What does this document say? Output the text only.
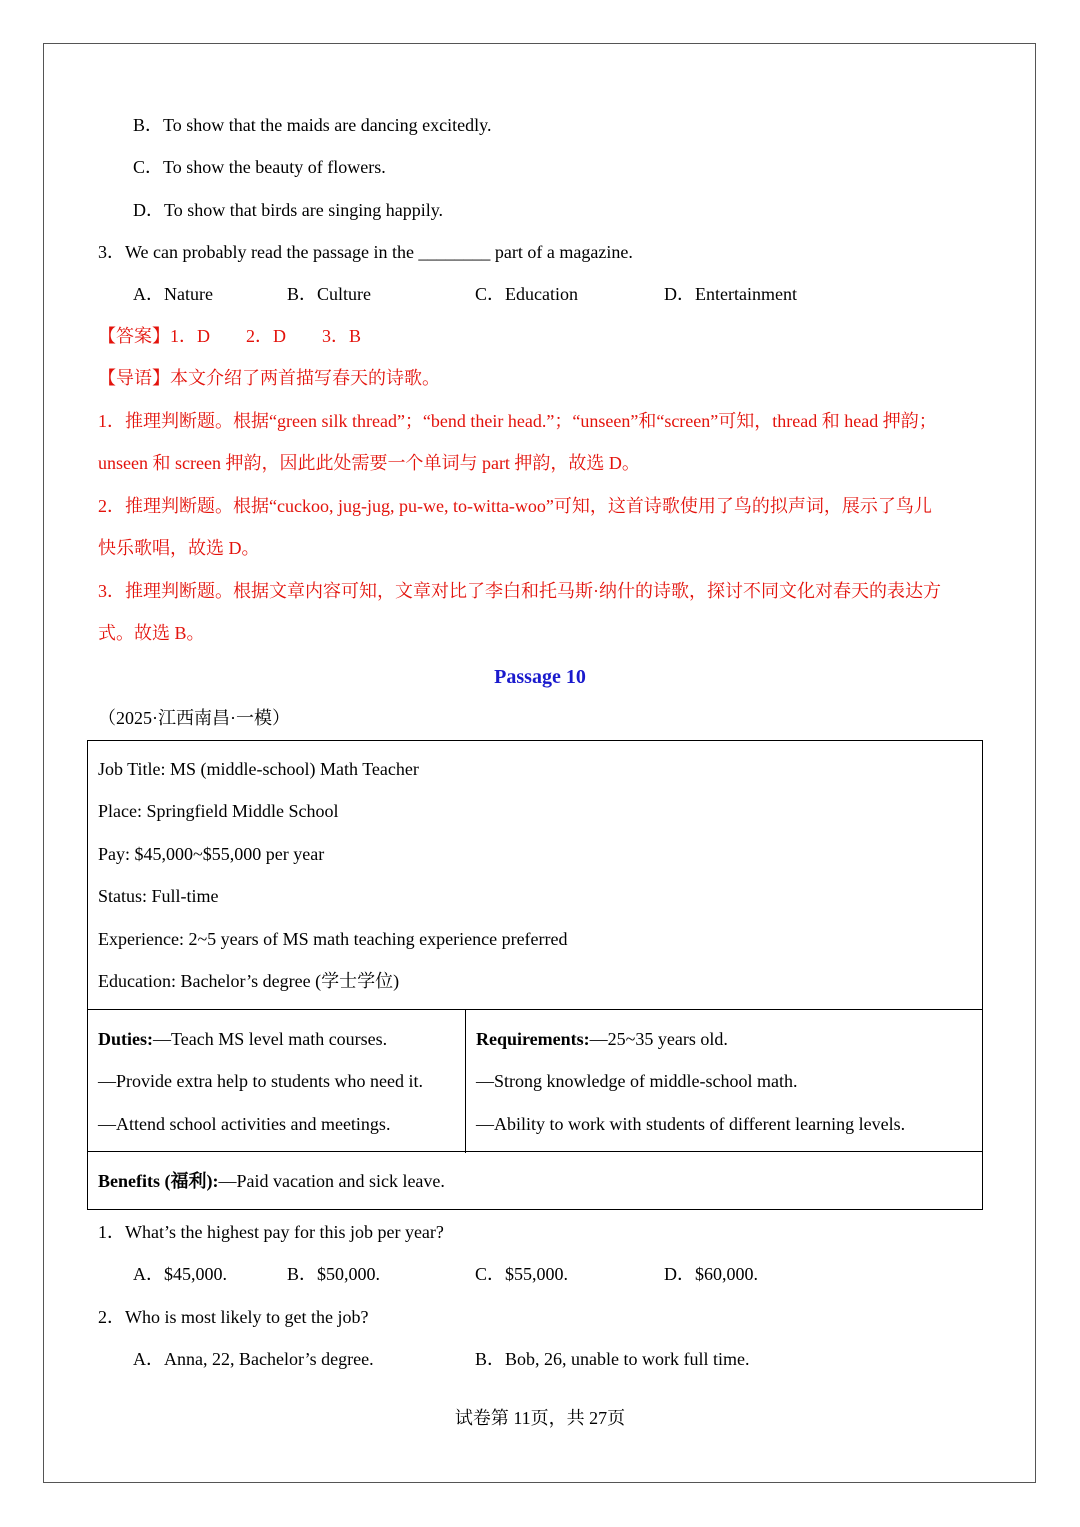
B．To show that the maids are dancing excitedly.
C．To show the beauty of flowers.
D．To show that birds are singing happily.
3．We can probably read the passage in the ________ part of a magazine.
A．Nature	B．Culture	C．Education	D．Entertainment
【答案】1．D　　2．D　　3．B
【导语】本文介绍了两首描写春天的诗歌。
1．推理判断题。根据“green silk thread”；“bend their head.”；“unseen”和“screen”可知，thread 和 head 押韵；
unseen 和 screen 押韵，因此此处需要一个单词与 part 押韵，故选 D。
2．推理判断题。根据“cuckoo, jug-jug, pu-we, to-witta-woo”可知，这首诗歌使用了鸟的拟声词，展示了鸟儿
快乐歌唱，故选 D。
3．推理判断题。根据文章内容可知，文章对比了李白和托马斯·纳什的诗歌，探讨不同文化对春天的表达方
式。故选 B。
Passage 10
（2025·江西南昌·一模）
Job Title: MS (middle-school) Math Teacher
Place: Springfield Middle School
Pay: $45,000~$55,000 per year
Status: Full-time
Experience: 2~5 years of MS math teaching experience preferred
Education: Bachelor’s degree (学士学位)
Duties:—Teach MS level math courses.
—Provide extra help to students who need it.
—Attend school activities and meetings.
Requirements:—25~35 years old.
—Strong knowledge of middle-school math.
—Ability to work with students of different learning levels.
Benefits (福利):—Paid vacation and sick leave.
1．What’s the highest pay for this job per year?
A．$45,000.	B．$50,000.	C．$55,000.	D．$60,000.
2．Who is most likely to get the job?
A．Anna, 22, Bachelor’s degree.	B．Bob, 26, unable to work full time.
试卷第 11页，共 27页
